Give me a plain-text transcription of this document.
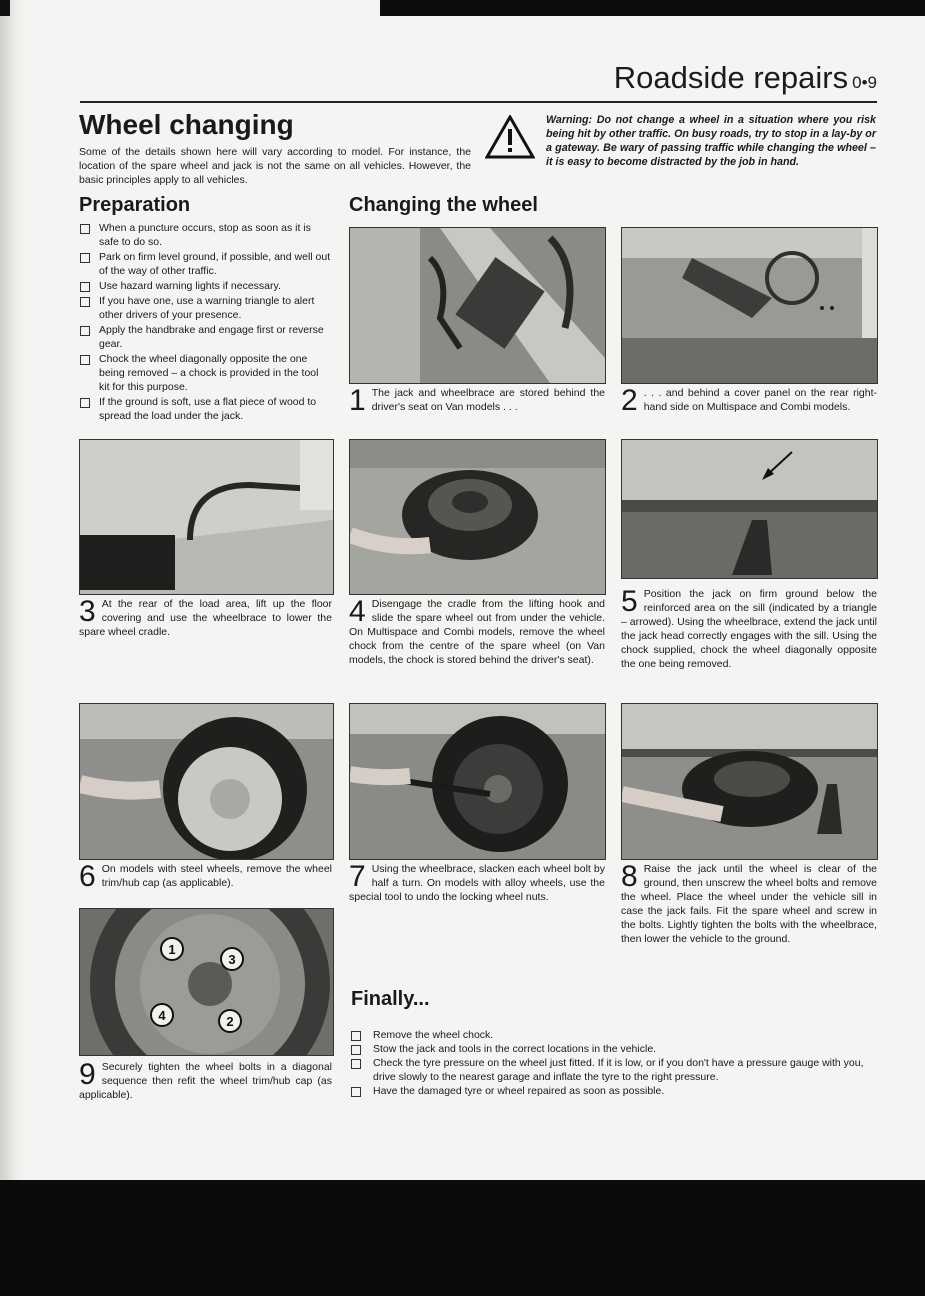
Roadside repairs 0•9
Wheel changing
Some of the details shown here will vary according to model. For instance, the location of the spare wheel and jack is not the same on all vehicles. However, the basic principles apply to all vehicles.
Warning: Do not change a wheel in a situation where you risk being hit by other traffic. On busy roads, try to stop in a lay-by or a gateway. Be wary of passing traffic while changing the wheel – it is easy to become distracted by the job in hand.
Preparation
When a puncture occurs, stop as soon as it is safe to do so.
Park on firm level ground, if possible, and well out of the way of other traffic.
Use hazard warning lights if necessary.
If you have one, use a warning triangle to alert other drivers of your presence.
Apply the handbrake and engage first or reverse gear.
Chock the wheel diagonally opposite the one being removed – a chock is provided in the tool kit for this purpose.
If the ground is soft, use a flat piece of wood to spread the load under the jack.
Changing the wheel
1 The jack and wheelbrace are stored behind the driver's seat on Van models . . .	2 . . . and behind a cover panel on the rear right-hand side on Multispace and Combi models.
3 At the rear of the load area, lift up the floor covering and use the wheelbrace to lower the spare wheel cradle.
4 Disengage the cradle from the lifting hook and slide the spare wheel out from under the vehicle. On Multispace and Combi models, remove the wheel chock from the centre of the spare wheel (on Van models, the chock is stored behind the driver's seat).
5 Position the jack on firm ground below the reinforced area on the sill (indicated by a triangle – arrowed). Using the wheelbrace, extend the jack until the jack head correctly engages with the sill. Using the chock supplied, chock the wheel diagonally opposite the one being removed.
6 On models with steel wheels, remove the wheel trim/hub cap (as applicable).	7 Using the wheelbrace, slacken each wheel bolt by half a turn. On models with alloy wheels, use the special tool to undo the locking wheel nuts.
8 Raise the jack until the wheel is clear of the ground, then unscrew the wheel bolts and remove the wheel. Place the wheel under the vehicle sill in case the jack fails. Fit the spare wheel and screw in the bolts. Lightly tighten the bolts with the wheelbrace, then lower the vehicle to the ground.
1
2
3
4
9 Securely tighten the wheel bolts in a diagonal sequence then refit the wheel trim/hub cap (as applicable).
Finally...
Remove the wheel chock.
Stow the jack and tools in the correct locations in the vehicle.
Check the tyre pressure on the wheel just fitted. If it is low, or if you don't have a pressure gauge with you, drive slowly to the nearest garage and inflate the tyre to the right pressure.
Have the damaged tyre or wheel repaired as soon as possible.
